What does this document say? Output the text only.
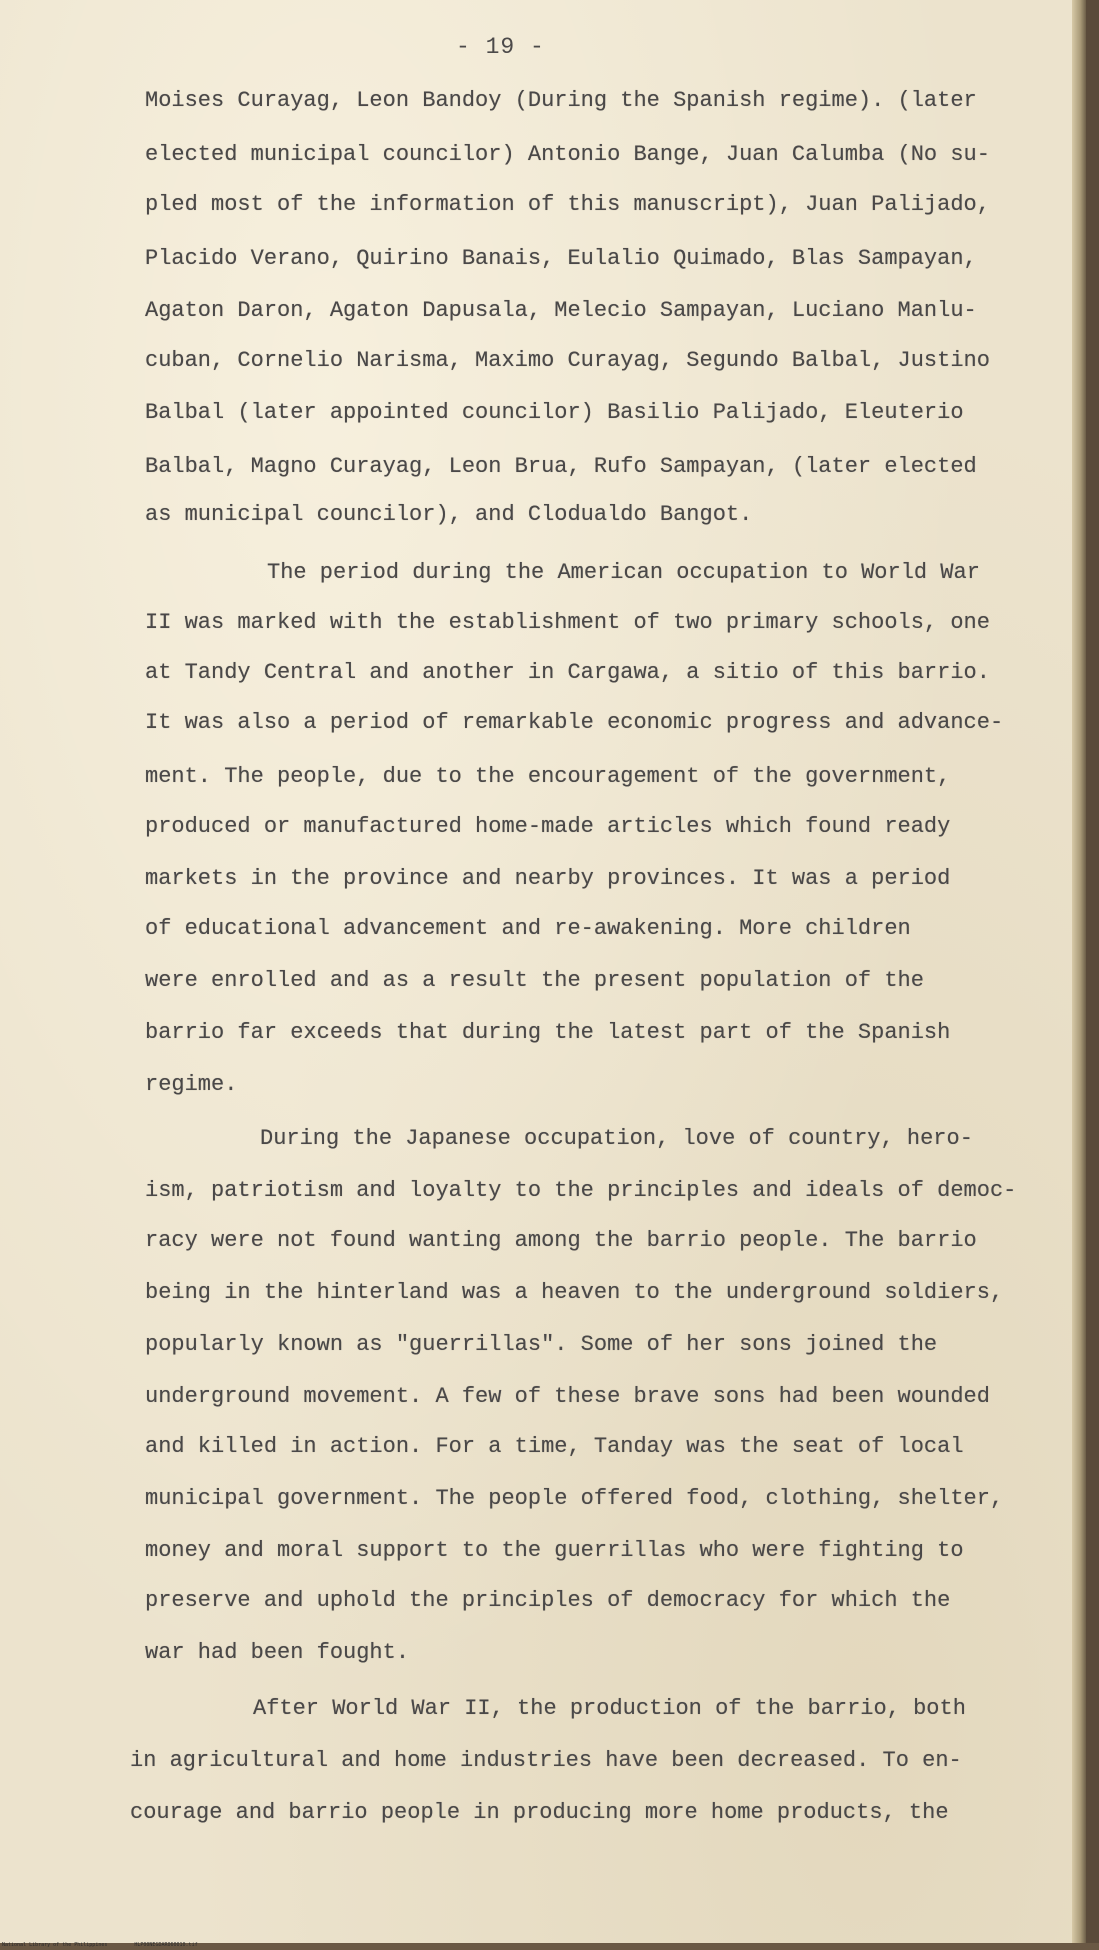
- 19 -
Moises Curayag, Leon Bandoy (During the Spanish regime). (later
elected municipal councilor) Antonio Bange, Juan Calumba (No su-
pled most of the information of this manuscript), Juan Palijado,
Placido Verano, Quirino Banais, Eulalio Quimado, Blas Sampayan,
Agaton Daron, Agaton Dapusala, Melecio Sampayan, Luciano Manlu-
cuban, Cornelio Narisma, Maximo Curayag, Segundo Balbal, Justino
Balbal (later appointed councilor) Basilio Palijado, Eleuterio
Balbal, Magno Curayag, Leon Brua, Rufo Sampayan, (later elected
as municipal councilor), and Clodualdo Bangot.
The period during the American occupation to World War
II was marked with the establishment of two primary schools, one
at Tandy Central and another in Cargawa, a sitio of this barrio.
It was also a period of remarkable economic progress and advance-
ment. The people, due to the encouragement of the government,
produced or manufactured home-made articles which found ready
markets in the province and nearby provinces. It was a period
of educational advancement and re-awakening. More children
were enrolled and as a result the present population of the
barrio far exceeds that during the latest part of the Spanish
regime.
During the Japanese occupation, love of country, hero-
ism, patriotism and loyalty to the principles and ideals of democ-
racy were not found wanting among the barrio people. The barrio
being in the hinterland was a heaven to the underground soldiers,
popularly known as "guerrillas". Some of her sons joined the
underground movement. A few of these brave sons had been wounded
and killed in action. For a time, Tanday was the seat of local
municipal government. The people offered food, clothing, shelter,
money and moral support to the guerrillas who were fighting to
preserve and uphold the principles of democracy for which the
war had been fought.
After World War II, the production of the barrio, both
in agricultural and home industries have been decreased. To en-
courage and barrio people in producing more home products, the
National Library of the Philippines	HLP00NEGDAR060010.tif
